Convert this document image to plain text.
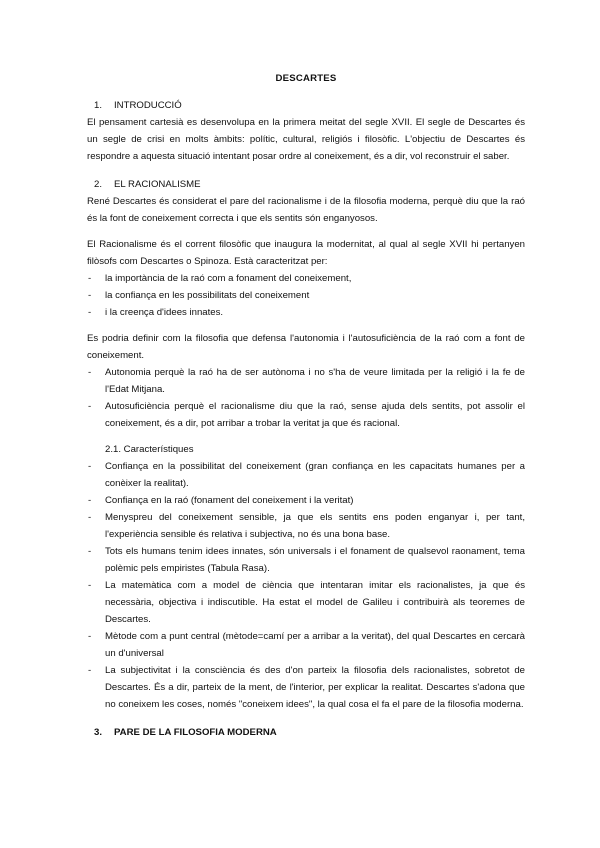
DESCARTES
1.	INTRODUCCIÓ

El pensament cartesià es desenvolupa en la primera meitat del segle XVII. El segle de Descartes és un segle de crisi en molts àmbits: polític, cultural, religiós i filosòfic. L'objectiu de Descartes és respondre a aquesta situació intentant posar ordre al coneixement, és a dir, vol reconstruir el saber.

2.	EL RACIONALISME

René Descartes és considerat el pare del racionalisme i de la filosofia moderna, perquè diu que la raó és la font de coneixement correcta i que els sentits són enganyosos.

El Racionalisme és el corrent filosòfic que inaugura la modernitat, al qual al segle XVII hi pertanyen filòsofs com Descartes o Spinoza. Està caracteritzat per:

- la importància de la raó com a fonament del coneixement,
- la confiança en les possibilitats del coneixement
- i la creença d'idees innates.

Es podria definir com la filosofia que defensa l'autonomia i l'autosuficiència de la raó com a font de coneixement.

- Autonomia perquè la raó ha de ser autònoma i no s'ha de veure limitada per la religió i la fe de l'Edat Mitjana.
- Autosuficiència perquè el racionalisme diu que la raó, sense ajuda dels sentits, pot assolir el coneixement, és a dir, pot arribar a trobar la veritat ja que és racional.
2.1. Característiques
- Confiança en la possibilitat del coneixement (gran confiança en les capacitats humanes per a conèixer la realitat).
- Confiança en la raó (fonament del coneixement i la veritat)
- Menyspreu del coneixement sensible, ja que els sentits ens poden enganyar i, per tant, l'experiència sensible és relativa i subjectiva, no és una bona base.
- Tots els humans tenim idees innates, són universals i el fonament de qualsevol raonament, tema polèmic pels empiristes (Tabula Rasa).
- La matemàtica com a model de ciència que intentaran imitar els racionalistes, ja que és necessària, objectiva i indiscutible. Ha estat el model de Galileu i contribuirà als teoremes de Descartes.
- Mètode com a punt central (mètode=camí per a arribar a la veritat), del qual Descartes en cercarà un d'universal
- La subjectivitat i la consciència és des d'on parteix la filosofia dels racionalistes, sobretot de Descartes. És a dir, parteix de la ment, de l'interior, per explicar la realitat. Descartes s'adona que no coneixem les coses, només "coneixem idees", la qual cosa el fa el pare de la filosofia moderna.
3.	PARE DE LA FILOSOFIA MODERNA
